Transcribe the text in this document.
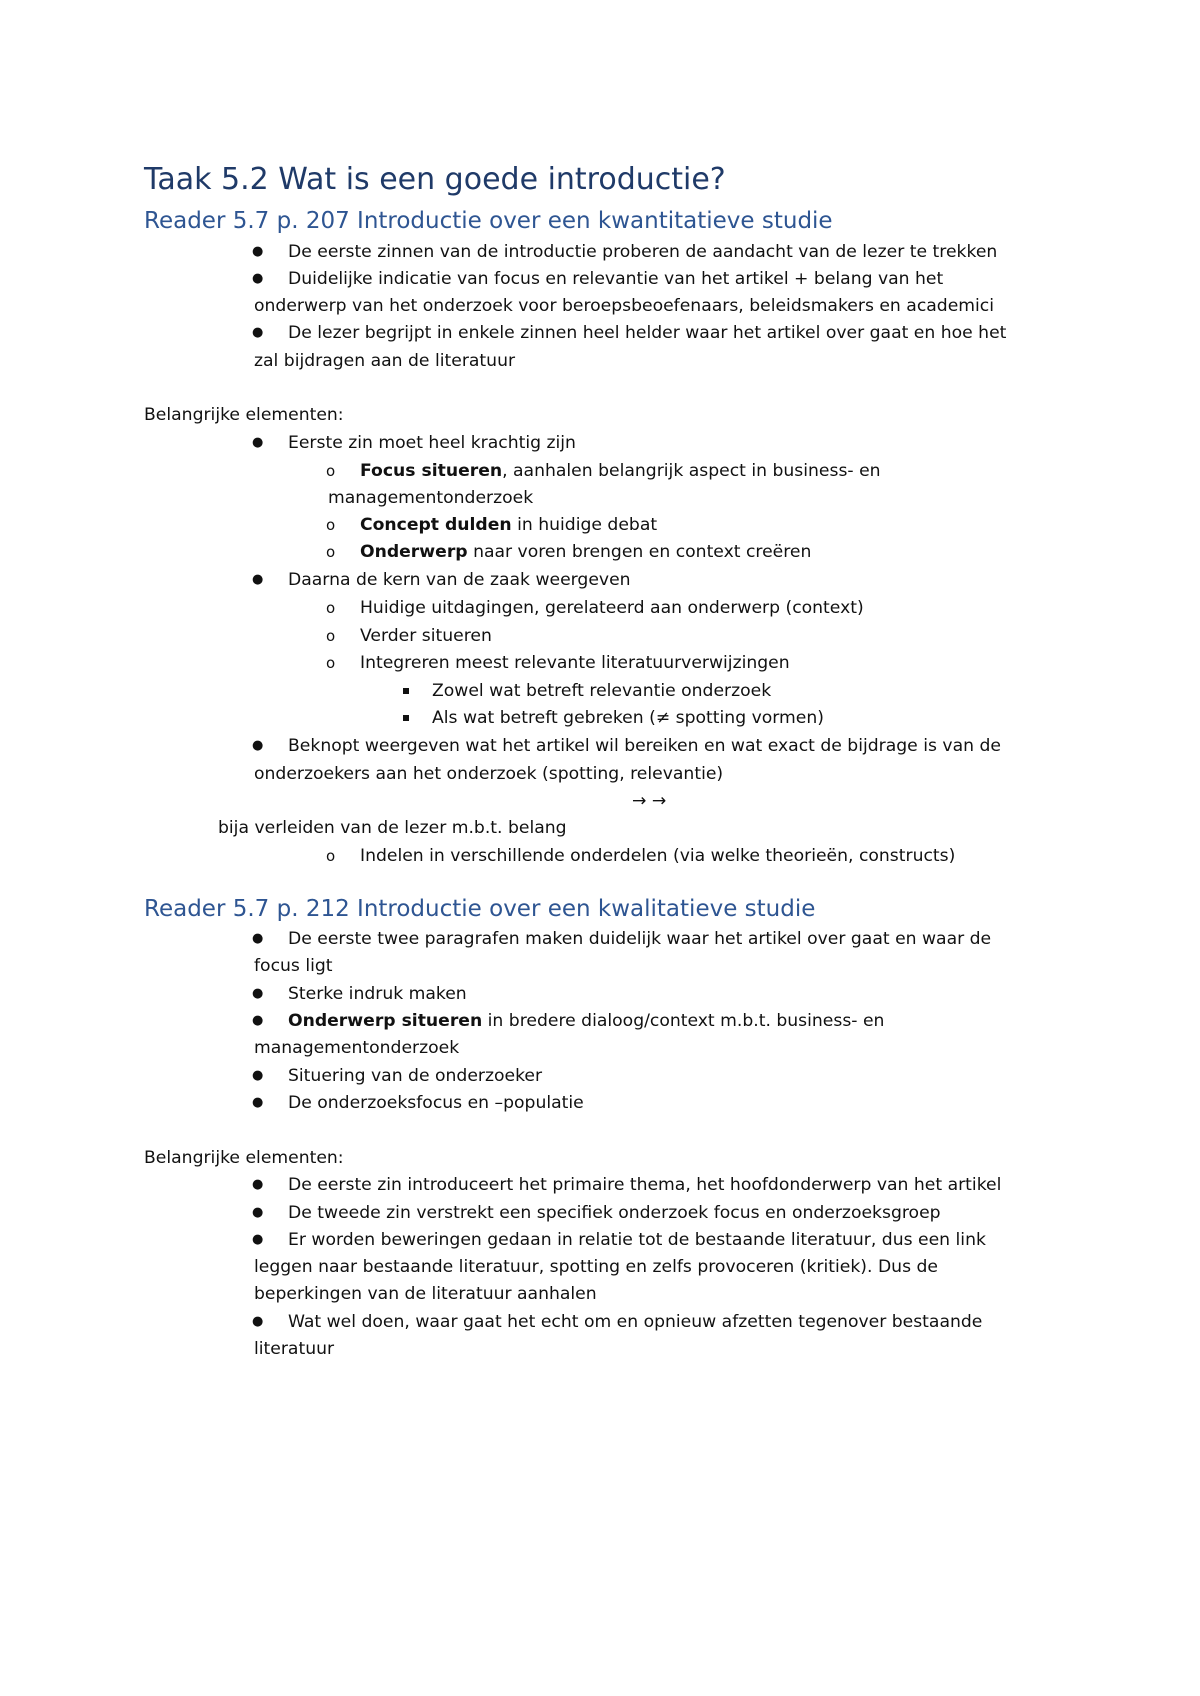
Taak 5.2 Wat is een goede introductie?
Reader 5.7 p. 207 Introductie over een kwantitatieve studie
● De eerste zinnen van de introductie proberen de aandacht van de lezer te trekken

● Duidelijke indicatie van focus en relevantie van het artikel + belang van het

onderwerp van het onderzoek voor beroepsbeoefenaars, beleidsmakers en academici

● De lezer begrijpt in enkele zinnen heel helder waar het artikel over gaat en hoe het

zal bijdragen aan de literatuur

Belangrijke elementen:

● Eerste zin moet heel krachtig zijn

o Focus situeren, aanhalen belangrijk aspect in business- en

managementonderzoek

o Concept dulden in huidige debat

o Onderwerp naar voren brengen en context creëren

● Daarna de kern van de zaak weergeven

o Huidige uitdagingen, gerelateerd aan onderwerp (context)

o Verder situeren

o Integreren meest relevante literatuurverwijzingen

Zowel wat betreft relevantie onderzoek

Als wat betreft gebreken (≠ spotting vormen)

● Beknopt weergeven wat het artikel wil bereiken en wat exact de bijdrage is van de

onderzoekers aan het onderzoek (spotting, relevantie)

→ →

bija verleiden van de lezer m.b.t. belang

o Indelen in verschillende onderdelen (via welke theorieën, constructs)

Reader 5.7 p. 212 Introductie over een kwalitatieve studie
● De eerste twee paragrafen maken duidelijk waar het artikel over gaat en waar de

focus ligt

● Sterke indruk maken

● Onderwerp situeren in bredere dialoog/context m.b.t. business- en

managementonderzoek

● Situering van de onderzoeker

● De onderzoeksfocus en –populatie

Belangrijke elementen:

● De eerste zin introduceert het primaire thema, het hoofdonderwerp van het artikel

● De tweede zin verstrekt een specifiek onderzoek focus en onderzoeksgroep

● Er worden beweringen gedaan in relatie tot de bestaande literatuur, dus een link

leggen naar bestaande literatuur, spotting en zelfs provoceren (kritiek). Dus de

beperkingen van de literatuur aanhalen

● Wat wel doen, waar gaat het echt om en opnieuw afzetten tegenover bestaande

literatuur
